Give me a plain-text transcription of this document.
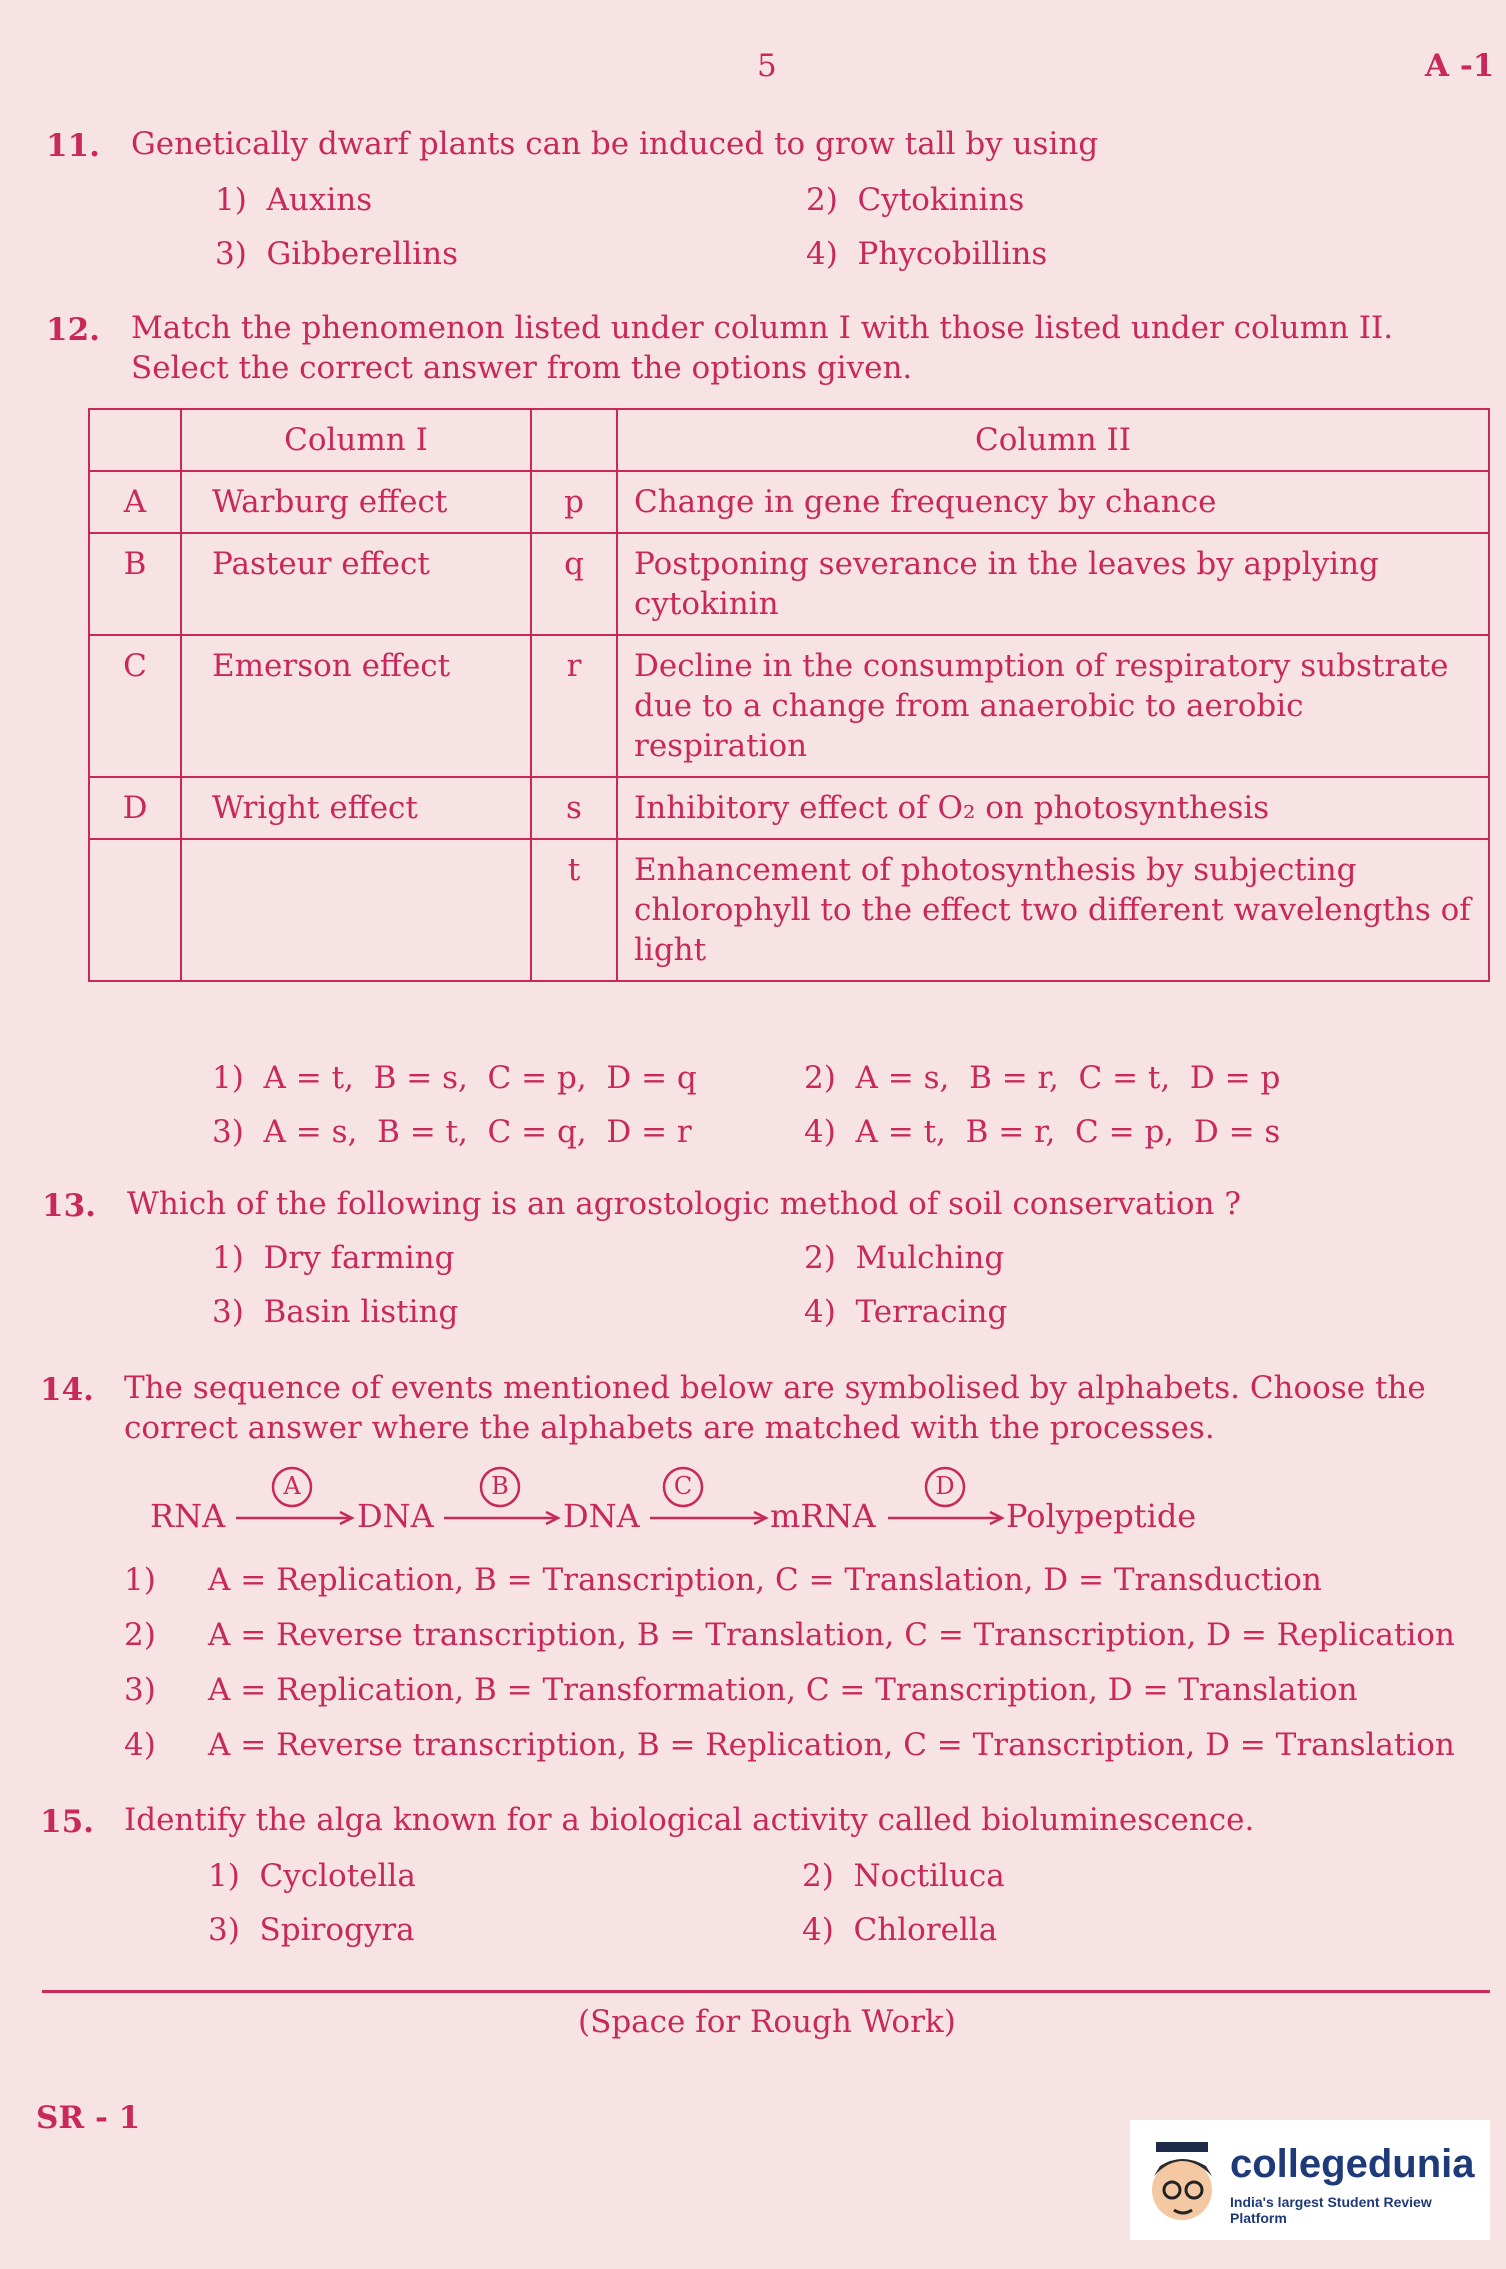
5	A -1
11. Genetically dwarf plants can be induced to grow tall by using
1)  Auxins	2)  Cytokinins
3)  Gibberellins	4)  Phycobillins
12. Match the phenomenon listed under column I with those listed under column II. Select the correct answer from the options given.
	Column I		Column II
A	Warburg effect	p	Change in gene frequency by chance
B	Pasteur effect	q	Postponing severance in the leaves by applying cytokinin
C	Emerson effect	r	Decline in the consumption of respiratory substrate due to a change from anaerobic to aerobic respiration
D	Wright effect	s	Inhibitory effect of O₂ on photosynthesis
		t	Enhancement of photosynthesis by subjecting chlorophyll to the effect two different wavelengths of light
1)  A = t,  B = s,  C = p,  D = q	2)  A = s,  B = r,  C = t,  D = p
3)  A = s,  B = t,  C = q,  D = r	4)  A = t,  B = r,  C = p,  D = s
13. Which of the following is an agrostologic method of soil conservation ?
1)  Dry farming	2)  Mulching
3)  Basin listing	4)  Terracing
14. The sequence of events mentioned below are symbolised by alphabets. Choose the correct answer where the alphabets are matched with the processes.
RNA	DNA	DNA	mRNA	Polypeptide
A	B	C	D
1) A = Replication, B = Transcription, C = Translation, D = Transduction
2) A = Reverse transcription, B = Translation, C = Transcription, D = Replication
3) A = Replication, B = Transformation, C = Transcription, D = Translation
4) A = Reverse transcription, B = Replication, C = Transcription, D = Translation
15. Identify the alga known for a biological activity called bioluminescence.
1)  Cyclotella	2)  Noctiluca
3)  Spirogyra	4)  Chlorella
(Space for Rough Work)
SR - 1
collegedunia
India's largest Student Review Platform
